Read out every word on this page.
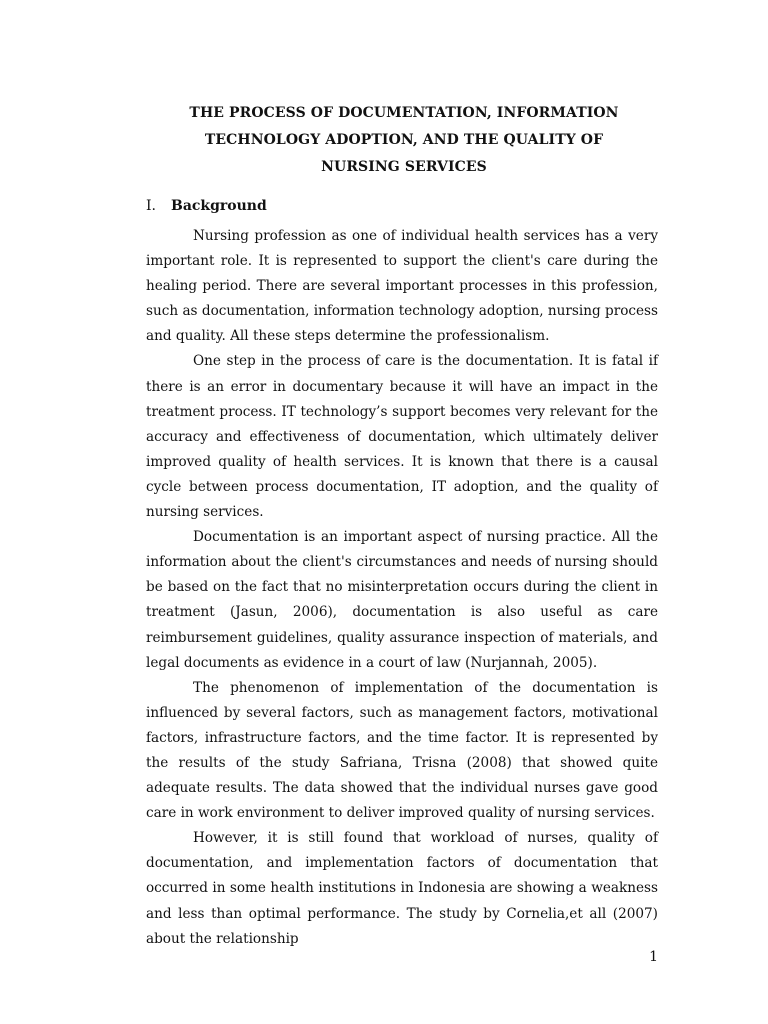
THE PROCESS OF DOCUMENTATION, INFORMATION
TECHNOLOGY ADOPTION, AND THE QUALITY OF
NURSING SERVICES
I. Background

Nursing profession as one of individual health services has a very important role. It is represented to support the client's care during the healing period. There are several important processes in this profession, such as documentation, information technology adoption, nursing process and quality. All these steps determine the professionalism.

One step in the process of care is the documentation. It is fatal if there is an error in documentary because it will have an impact in the treatment process. IT technology’s support becomes very relevant for the accuracy and effectiveness of documentation, which ultimately deliver improved quality of health services. It is known that there is a causal cycle between process documentation, IT adoption, and the quality of nursing services.

Documentation is an important aspect of nursing practice. All the information about the client's circumstances and needs of nursing should be based on the fact that no misinterpretation occurs during the client in treatment (Jasun, 2006), documentation is also useful as care reimbursement guidelines, quality assurance inspection of materials, and legal documents as evidence in a court of law (Nurjannah, 2005).

The phenomenon of implementation of the documentation is influenced by several factors, such as management factors, motivational factors, infrastructure factors, and the time factor. It is represented by the results of the study Safriana, Trisna (2008) that showed quite adequate results. The data showed that the individual nurses gave good care in work environment to deliver improved quality of nursing services.

However, it is still found that workload of nurses, quality of documentation, and implementation factors of documentation that occurred in some health institutions in Indonesia are showing a weakness and less than optimal performance. The study by Cornelia,et all (2007) about the relationship

1
